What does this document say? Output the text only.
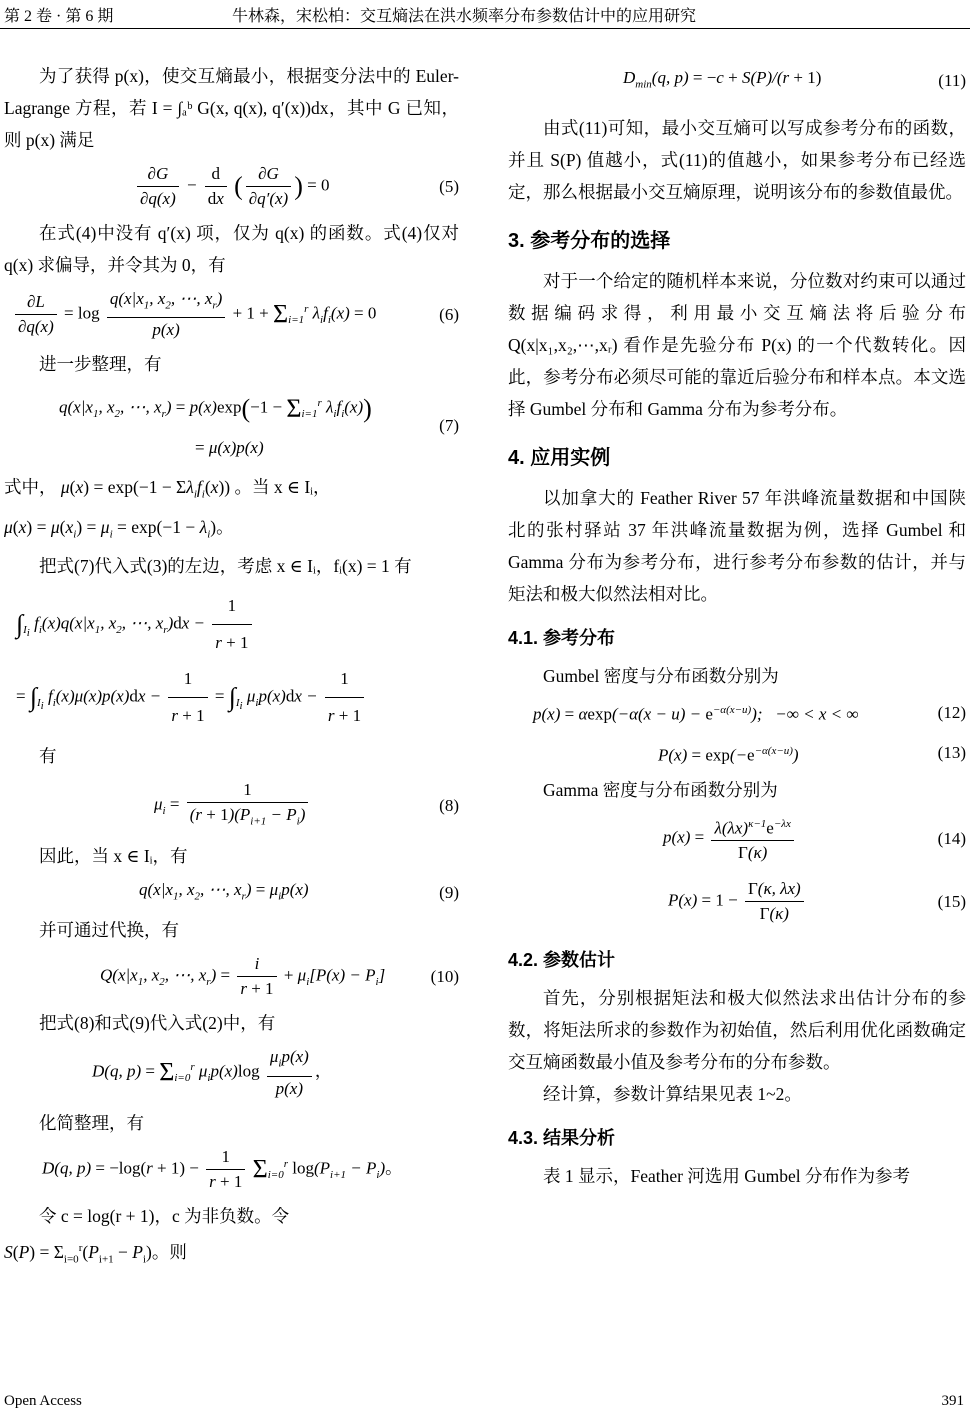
第 2 卷 · 第 6 期	牛林森，宋松柏：交互熵法在洪水频率分布参数估计中的应用研究

为了获得 p(x)，使交互熵最小，根据变分法中的 Euler-Lagrange 方程，若 I = ∫ₐᵇ G(x, q(x), q′(x))dx，其中 G 已知，则 p(x) 满足

$\frac{\partial G}{\partial q(x)} - \frac{d}{dx}$ ( $\frac{\partial G}{\partial q'(x)}$ ) = 0	(5)

在式(4)中没有 q′(x) 项，仅为 q(x) 的函数。式(4)仅对 q(x) 求偏导，并令其为 0，有

$\frac{\partial L}{\partial q(x)} = \log \frac{q(x|x_1, x_2, \cdots, x_r)}{p(x)} + 1 + \Sigma_{i=1}^r$ $\lambda_if_i(x) = 0$	(6)

进一步整理，有

$q(x|x_1$, $x_2$, ⋯, $x_r) = p(x)\exp(-1 - \Sigma_{i=1}^r$ $\lambda_if_i(x)$)
= μ(x)p(x)
(7)

式中， $\mu(x) = \exp(-1 - \Sigma\lambda_if_i(x))$ 。当 x ∈ Iᵢ，
$\mu(x) = \mu(x_i) = \mu_i = \exp(-1 - \lambda_i)$。

把式(7)代入式(3)的左边，考虑 x ∈ Iᵢ，fᵢ(x) = 1 有

$\int_{I_i}$ $f_i(x)q(x|x_1$, $x_2$, ⋯, $x_r)dx - \frac{1}{r + 1}$

= $\int_{I_i}$ $f_i(x)\mu(x)p(x)dx - \frac{1}{r + 1} = \int_{I_i}$ $\mu_ip(x)dx - \frac{1}{r + 1}$

有

$\mu_i = \frac{1}{(r + 1)(P_{i+1} - P_i)}$	(8)

因此，当 x ∈ Iᵢ，有

$q(x|x_1$, $x_2$, ⋯, $x_r) = \mu_ip(x)$	(9)

并可通过代换，有

$Q(x|x_1$, $x_2$, ⋯, $x_r) = \frac{i}{r + 1} + \mu_i[P(x) - P_i]$	(10)

把式(8)和式(9)代入式(2)中，有

D(q, $p) = \Sigma_{i=0}^r$ $\mu_ip(x)\log \frac{\mu_ip(x)}{p(x)}$ ，

化简整理，有

D(q, $p) = -\log(r + 1) - \frac{1}{r + 1} \Sigma_{i=0}^r$ $\log(P_{i+1} - P_i)$。

令 c = log(r + 1)，c 为非负数。令
$S(P) = \Sigma_{i=0}^r(P_{i+1} - P_i)$。则

$D_{min}(q$, p) = −c + S(P)/(r + 1)	(11)

由式(11)可知，最小交互熵可以写成参考分布的函数，并且 S(P) 值越小，式(11)的值越小，如果参考分布已经选定，那么根据最小交互熵原理，说明该分布的参数值最优。

3. 参考分布的选择

对于一个给定的随机样本来说，分位数对约束可以通过数据编码求得，利用最小交互熵法将后验分布 Q(x|x₁,x₂,⋯,xᵣ) 看作是先验分布 P(x) 的一个代数转化。因此，参考分布必须尽可能的靠近后验分布和样本点。本文选择 Gumbel 分布和 Gamma 分布为参考分布。

4. 应用实例

以加拿大的 Feather River 57 年洪峰流量数据和中国陕北的张村驿站 37 年洪峰流量数据为例，选择 Gumbel 和 Gamma 分布为参考分布，进行参考分布参数的估计，并与矩法和极大似然法相对比。

4.1. 参考分布

Gumbel 密度与分布函数分别为

$p(x) = \alpha\exp(-\alpha(x - u) - e^{-\alpha(x-u)})$;   −∞ < x < ∞	(12)
$P(x) = \exp(-e^{-\alpha(x-u)})$	(13)

Gamma 密度与分布函数分别为

$p(x) = \frac{\lambda(\lambda x)^{\kappa-1}e^{-\lambda x}}{\Gamma(\kappa)}$	(14)
$P(x) = 1 - \frac{\Gamma(\kappa, \lambda x)}{\Gamma(\kappa)}$	(15)
4.2. 参数估计

首先，分别根据矩法和极大似然法求出估计分布的参数，将矩法所求的参数作为初始值，然后利用优化函数确定交互熵函数最小值及参考分布的分布参数。

经计算，参数计算结果见表 1~2。

4.3. 结果分析

表 1 显示，Feather 河选用 Gumbel 分布作为参考

Open Access	391
